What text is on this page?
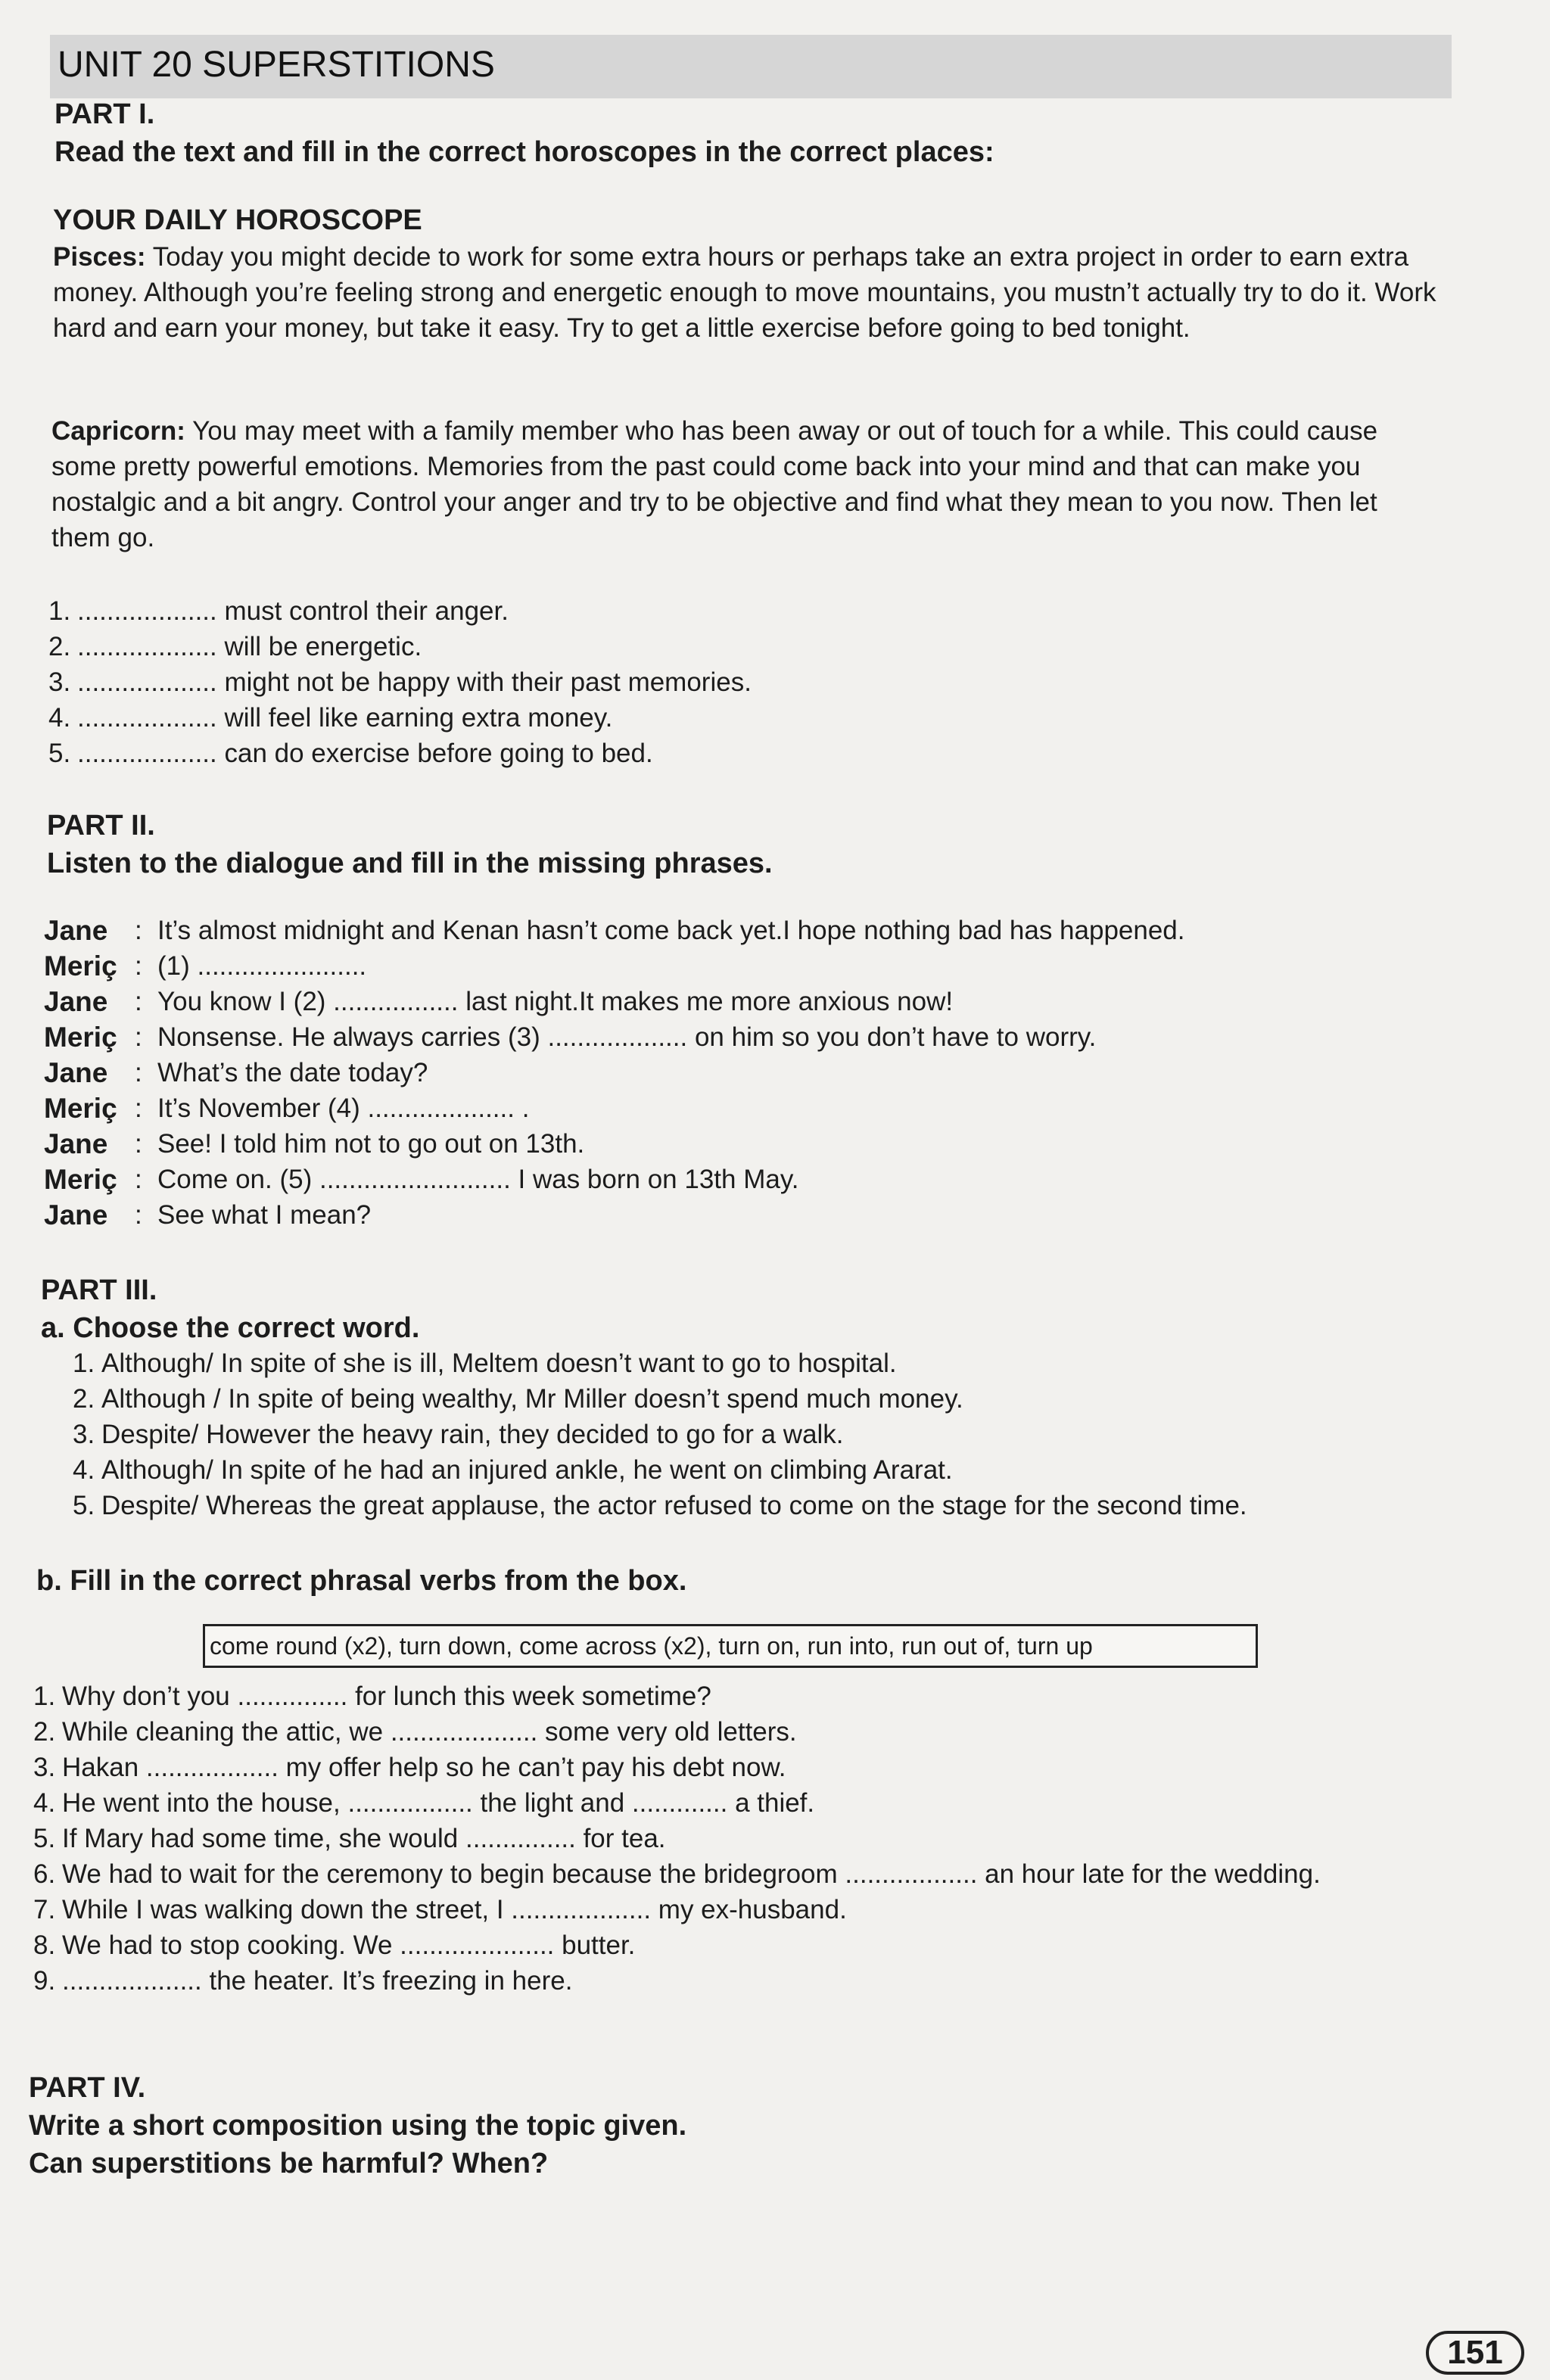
UNIT 20 SUPERSTITIONS
PART I.
Read the text and fill in the correct horoscopes in the correct places:
YOUR DAILY HOROSCOPE

Pisces: Today you might decide to work for some extra hours or perhaps take an extra project in order to earn extra money. Although you’re feeling strong and energetic enough to move mountains, you mustn’t actually try to do it. Work hard and earn your money, but take it easy. Try to get a little exercise before going to bed tonight.

Capricorn: You may meet with a family member who has been away or out of touch for a while. This could cause some pretty powerful emotions. Memories from the past could come back into your mind and that can make you nostalgic and a bit angry. Control your anger and try to be objective and find what they mean to you now. Then let them go.

1. ................... must control their anger.
2. ................... will be energetic.
3. ................... might not be happy with their past memories.
4. ................... will feel like earning extra money.
5. ................... can do exercise before going to bed.
PART II.
Listen to the dialogue and fill in the missing phrases.
Jane	: It’s almost midnight and Kenan hasn’t come back yet.I hope nothing bad has happened.
Meriç : (1) .......................
Jane	: You know I (2) ................. last night.It makes me more anxious now!
Meriç : Nonsense. He always carries (3) ................... on him so you don’t have to worry.
Jane	: What’s the date today?
Meriç : It’s November (4) .................... .
Jane	: See! I told him not to go out on 13th.
Meriç : Come on. (5) .......................... I was born on 13th May.
Jane	: See what I mean?
PART III.
a. Choose the correct word.
1. Although/ In spite of she is ill, Meltem doesn’t want to go to hospital.
2. Although / In spite of being wealthy, Mr Miller doesn’t spend much money.
3. Despite/ However the heavy rain, they decided to go for a walk.
4. Although/ In spite of he had an injured ankle, he went on climbing Ararat.
5. Despite/ Whereas the great applause, the actor refused to come on the stage for the second time.
b. Fill in the correct phrasal verbs from the box.
come round (x2), turn down, come across (x2), turn on, run into, run out of, turn up
1. Why don’t you ............... for lunch this week sometime?
2. While cleaning the attic, we .................... some very old letters.
3. Hakan .................. my offer help so he can’t pay his debt now.
4. He went into the house, ................. the light and ............. a thief.
5. If Mary had some time, she would ............... for tea.
6. We had to wait for the ceremony to begin because the bridegroom .................. an hour late for the wedding.
7. While I was walking down the street, I ................... my ex-husband.
8. We had to stop cooking. We ..................... butter.
9. ................... the heater. It’s freezing in here.
PART IV.
Write a short composition using the topic given.
Can superstitions be harmful? When?
151
